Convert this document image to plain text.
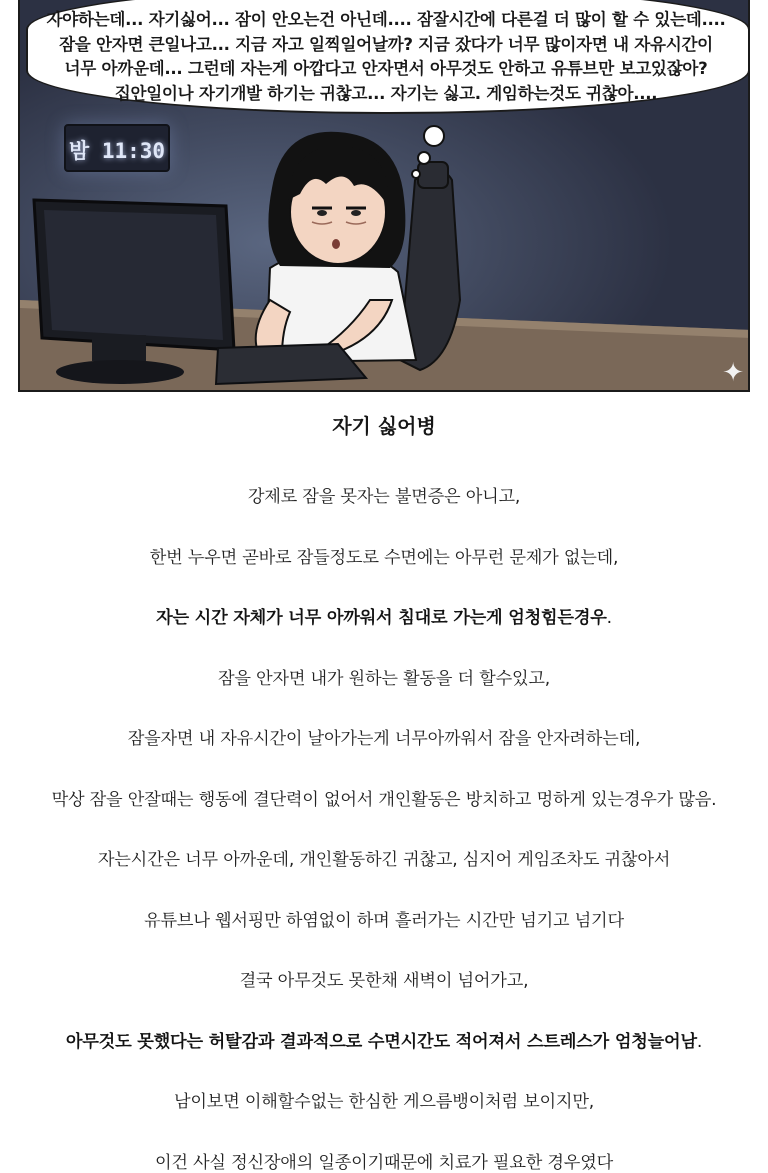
자야하는데... 자기싫어... 잠이 안오는건 아닌데.... 잠잘시간에 다른걸 더 많이 할 수 있는데....
잠을 안자면 큰일나고... 지금 자고 일찍일어날까? 지금 잤다가 너무 많이자면 내 자유시간이
너무 아까운데... 그런데 자는게 아깝다고 안자면서 아무것도 안하고 유튜브만 보고있잖아?
집안일이나 자기개발 하기는 귀찮고... 자기는 싫고. 게임하는것도 귀찮아....
밤 11:30
✦
자기 싫어병
강제로 잠을 못자는 불면증은 아니고,
한번 누우면 곧바로 잠들정도로 수면에는 아무런 문제가 없는데,
자는 시간 자체가 너무 아까워서 침대로 가는게 엄청힘든경우.
잠을 안자면 내가 원하는 활동을 더 할수있고,
잠을자면 내 자유시간이 날아가는게 너무아까워서 잠을 안자려하는데,
막상 잠을 안잘때는 행동에 결단력이 없어서 개인활동은 방치하고 멍하게 있는경우가 많음.
자는시간은 너무 아까운데, 개인활동하긴 귀찮고, 심지어 게임조차도 귀찮아서
유튜브나 웹서핑만 하염없이 하며 흘러가는 시간만 넘기고 넘기다
결국 아무것도 못한채 새벽이 넘어가고,
아무것도 못했다는 허탈감과 결과적으로 수면시간도 적어져서 스트레스가 엄청늘어남.
남이보면 이해할수없는 한심한 게으름뱅이처럼 보이지만,
이건 사실 정신장애의 일종이기때문에 치료가 필요한 경우였다
